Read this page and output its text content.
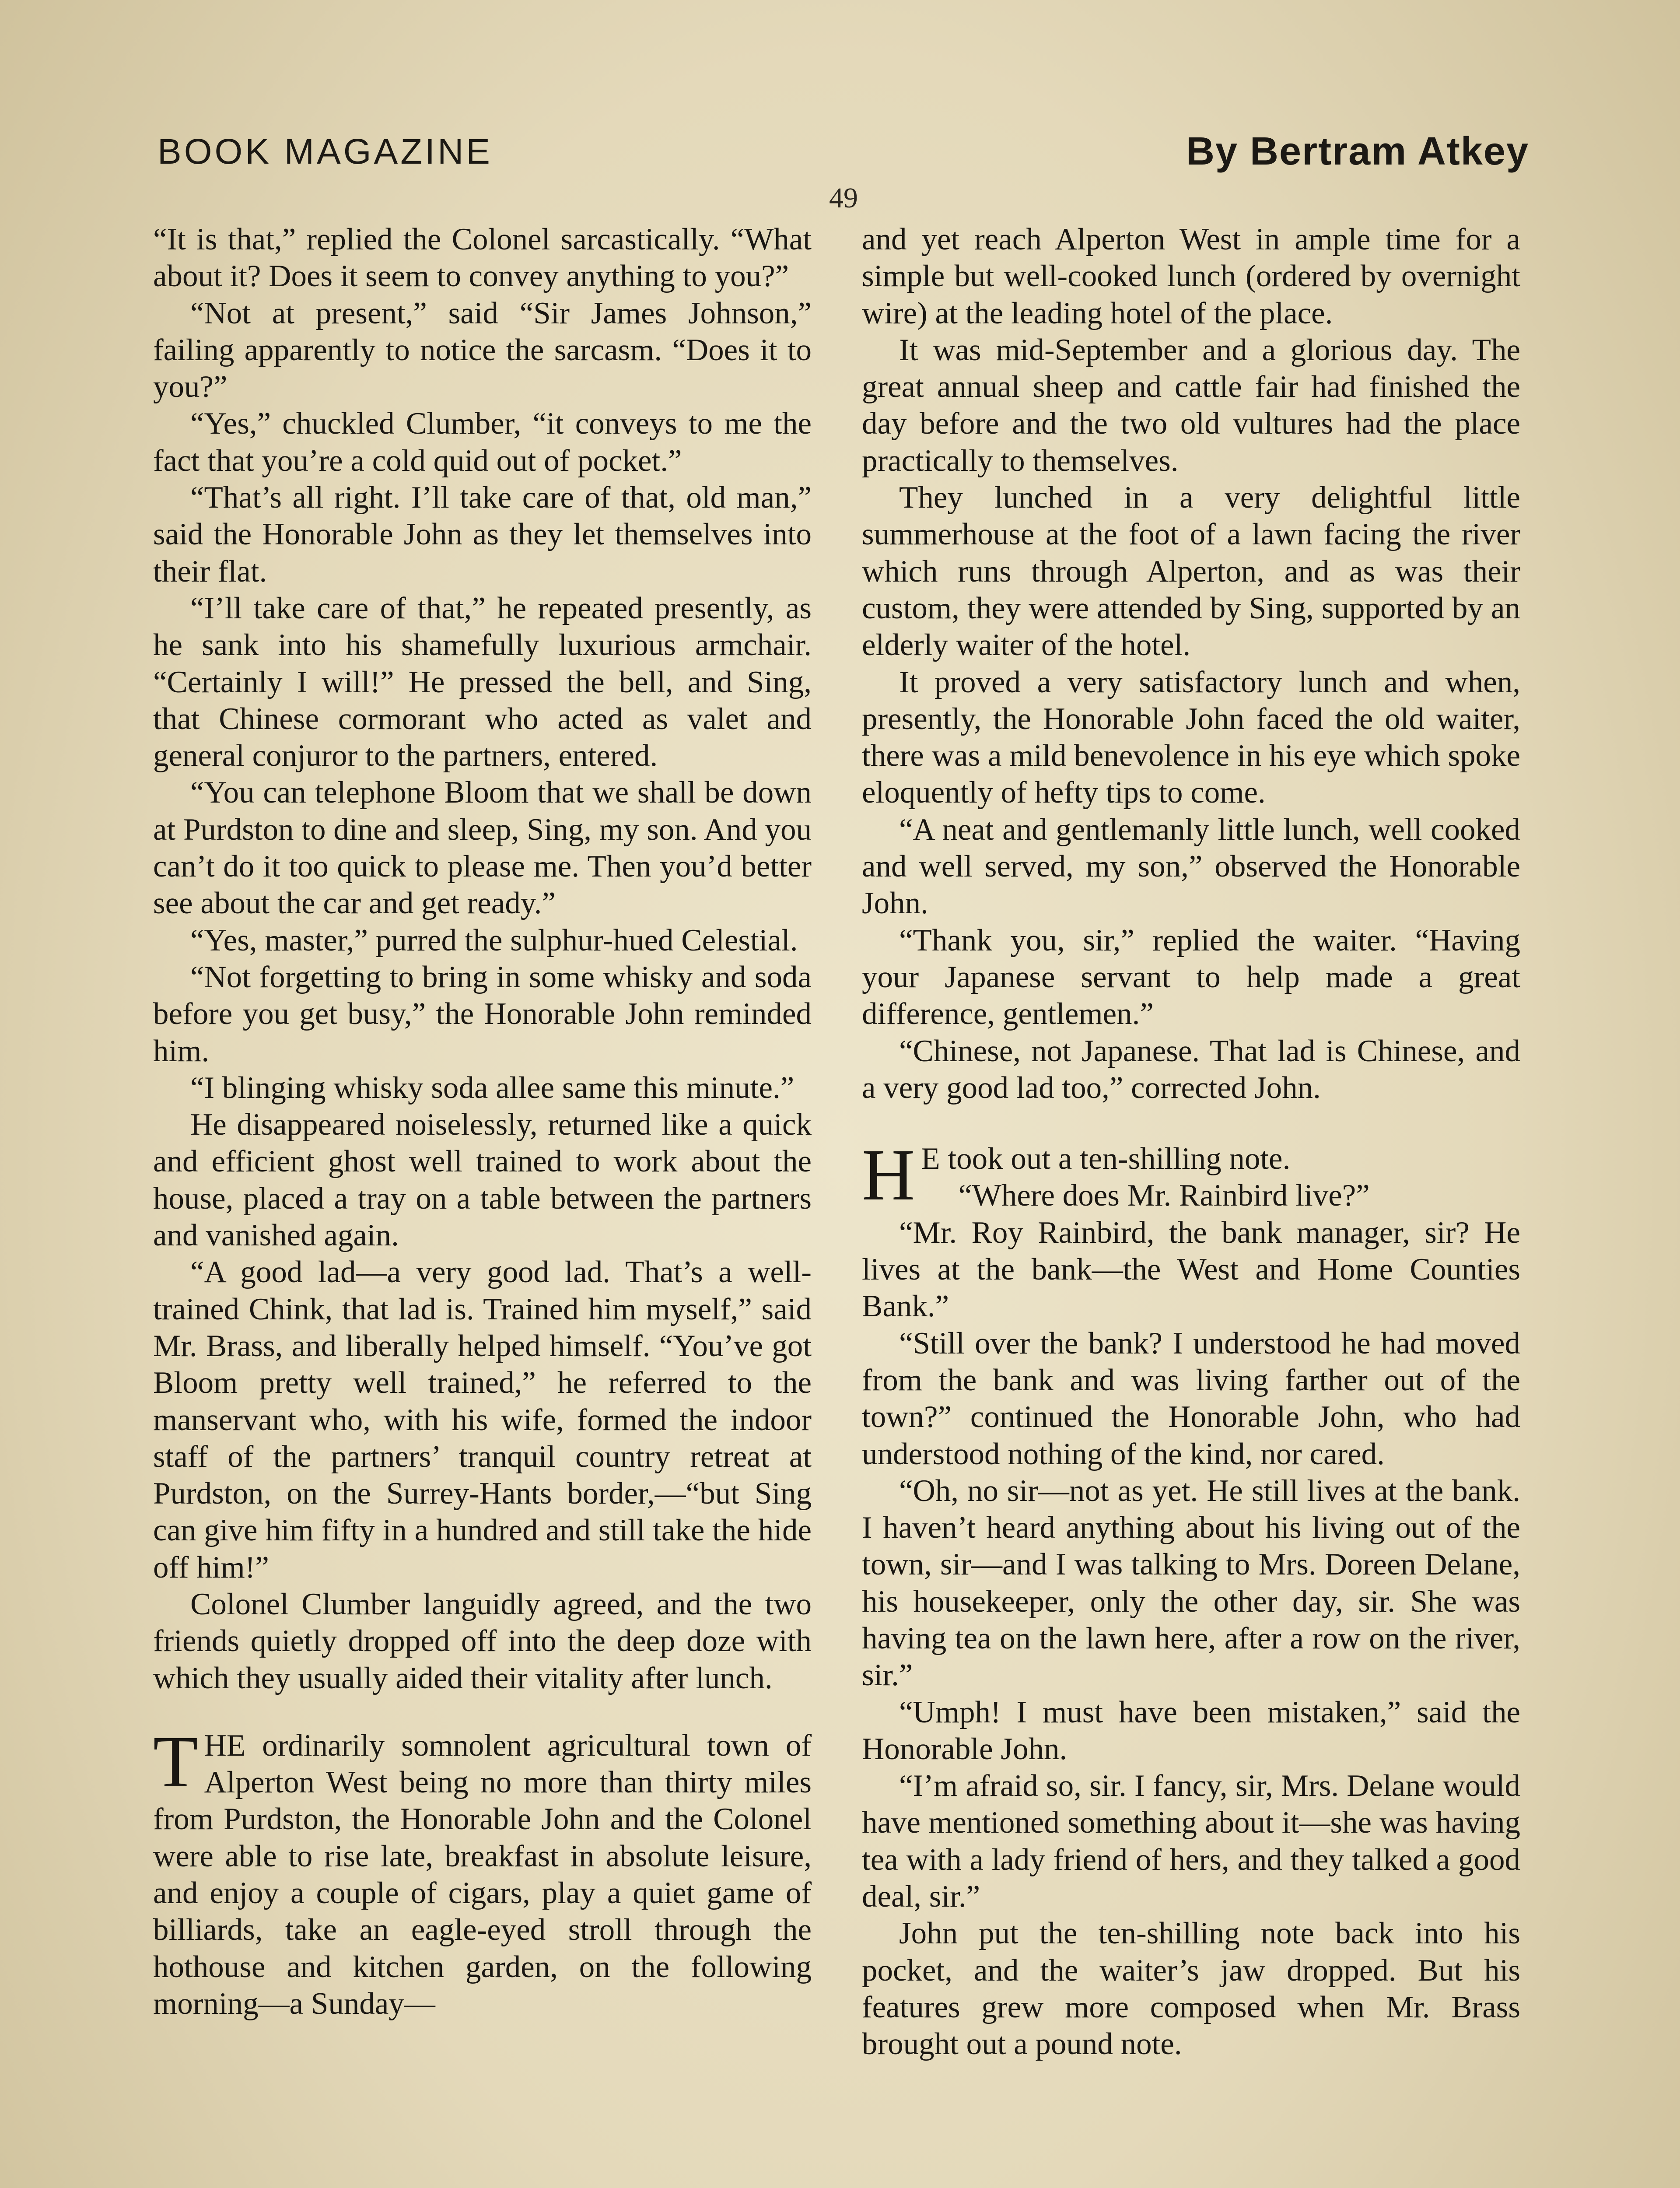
BOOK MAGAZINE
49
By Bertram Atkey

“It is that,” replied the Colonel sarcastically. “What about it? Does it seem to convey anything to you?”

“Not at present,” said “Sir James Johnson,” failing apparently to notice the sarcasm. “Does it to you?”

“Yes,” chuckled Clumber, “it conveys to me the fact that you’re a cold quid out of pocket.”

“That’s all right. I’ll take care of that, old man,” said the Honorable John as they let themselves into their flat.

“I’ll take care of that,” he repeated presently, as he sank into his shamefully luxurious armchair. “Certainly I will!” He pressed the bell, and Sing, that Chinese cormorant who acted as valet and general conjuror to the partners, entered.

“You can telephone Bloom that we shall be down at Purdston to dine and sleep, Sing, my son. And you can’t do it too quick to please me. Then you’d better see about the car and get ready.”

“Yes, master,” purred the sulphur-hued Celestial.

“Not forgetting to bring in some whisky and soda before you get busy,” the Honorable John reminded him.

“I blinging whisky soda allee same this minute.”

He disappeared noiselessly, returned like a quick and efficient ghost well trained to work about the house, placed a tray on a table between the partners and vanished again.

“A good lad—a very good lad. That’s a well-trained Chink, that lad is. Trained him myself,” said Mr. Brass, and liberally helped himself. “You’ve got Bloom pretty well trained,” he referred to the manservant who, with his wife, formed the indoor staff of the partners’ tranquil country retreat at Purdston, on the Surrey-Hants border,—“but Sing can give him fifty in a hundred and still take the hide off him!”

Colonel Clumber languidly agreed, and the two friends quietly dropped off into the deep doze with which they usually aided their vitality after lunch.

THE ordinarily somnolent agricultural town of Alperton West being no more than thirty miles from Purdston, the Honorable John and the Colonel were able to rise late, breakfast in absolute leisure, and enjoy a couple of cigars, play a quiet game of billiards, take an eagle-eyed stroll through the hothouse and kitchen garden, on the following morning—a Sunday—

and yet reach Alperton West in ample time for a simple but well-cooked lunch (ordered by overnight wire) at the leading hotel of the place.

It was mid-September and a glorious day. The great annual sheep and cattle fair had finished the day before and the two old vultures had the place practically to themselves.

They lunched in a very delightful little summerhouse at the foot of a lawn facing the river which runs through Alperton, and as was their custom, they were attended by Sing, supported by an elderly waiter of the hotel.

It proved a very satisfactory lunch and when, presently, the Honorable John faced the old waiter, there was a mild benevolence in his eye which spoke eloquently of hefty tips to come.

“A neat and gentlemanly little lunch, well cooked and well served, my son,” observed the Honorable John.

“Thank you, sir,” replied the waiter. “Having your Japanese servant to help made a great difference, gentlemen.”

“Chinese, not Japanese. That lad is Chinese, and a very good lad too,” corrected John.

H E took out a ten-shilling note.

“Where does Mr. Rainbird live?”

“Mr. Roy Rainbird, the bank manager, sir? He lives at the bank—the West and Home Counties Bank.”

“Still over the bank? I understood he had moved from the bank and was living farther out of the town?” continued the Honorable John, who had understood nothing of the kind, nor cared.

“Oh, no sir—not as yet. He still lives at the bank. I haven’t heard anything about his living out of the town, sir—and I was talking to Mrs. Doreen Delane, his housekeeper, only the other day, sir. She was having tea on the lawn here, after a row on the river, sir.”

“Umph! I must have been mistaken,” said the Honorable John.

“I’m afraid so, sir. I fancy, sir, Mrs. Delane would have mentioned something about it—she was having tea with a lady friend of hers, and they talked a good deal, sir.”

John put the ten-shilling note back into his pocket, and the waiter’s jaw dropped. But his features grew more composed when Mr. Brass brought out a pound note.
